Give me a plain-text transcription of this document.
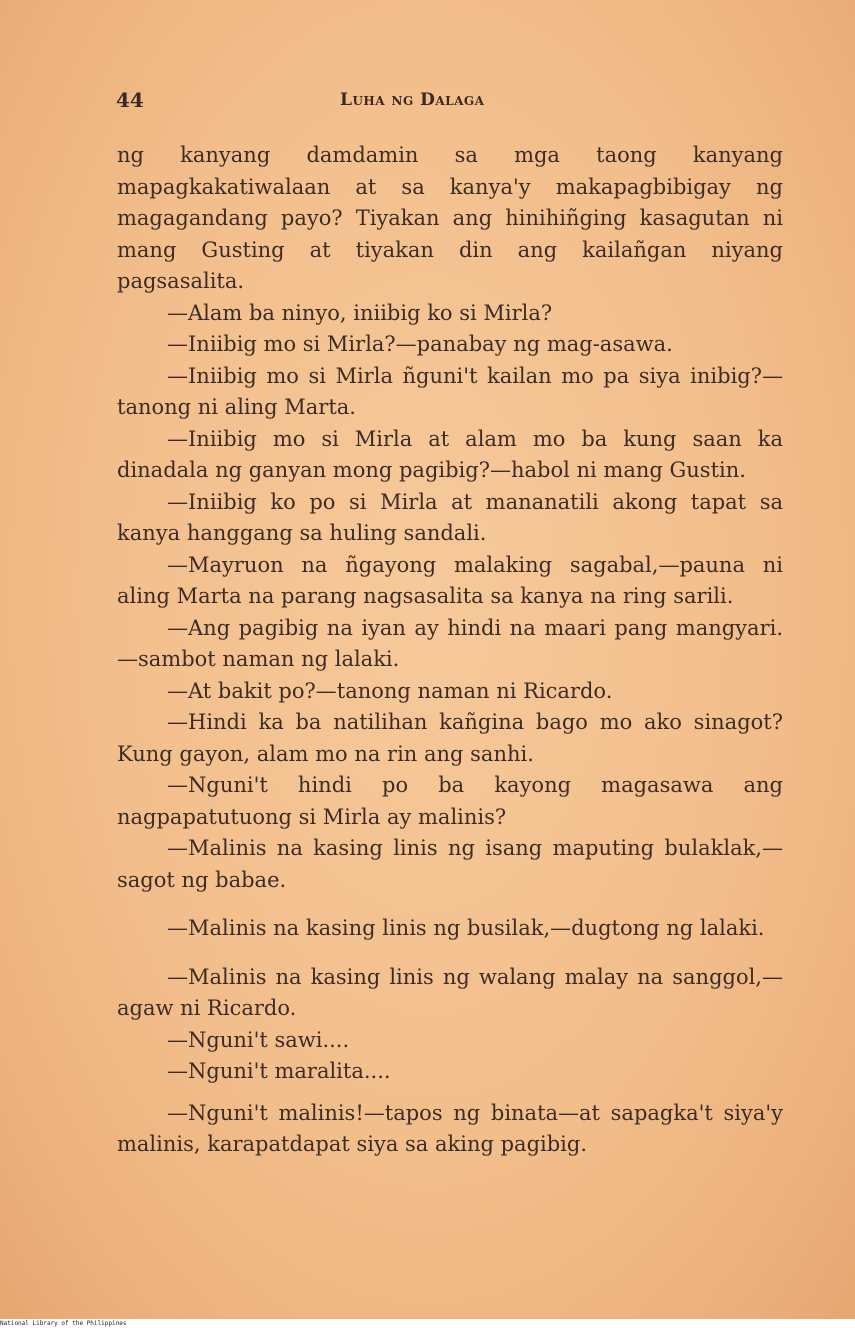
44	Luha ng Dalaga

ng kanyang damdamin sa mga taong kanyang mapagkakatiwalaan at sa kanya'y makapagbibigay ng magagandang payo? Tiyakan ang hinihiñging kasagutan ni mang Gusting at tiyakan din ang kailañgan niyang pagsasalita.

—Alam ba ninyo, iniibig ko si Mirla?

—Iniibig mo si Mirla?—panabay ng mag-asawa.

—Iniibig mo si Mirla ñguni't kailan mo pa siya inibig?—tanong ni aling Marta.

—Iniibig mo si Mirla at alam mo ba kung saan ka dinadala ng ganyan mong pagibig?—habol ni mang Gustin.

—Iniibig ko po si Mirla at mananatili akong tapat sa kanya hanggang sa huling sandali.

—Mayruon na ñgayong malaking sagabal,—pauna ni aling Marta na parang nagsasalita sa kanya na ring sarili.

—Ang pagibig na iyan ay hindi na maari pang mangyari.—sambot naman ng lalaki.

—At bakit po?—tanong naman ni Ricardo.

—Hindi ka ba natilihan kañgina bago mo ako sinagot? Kung gayon, alam mo na rin ang sanhi.

—Nguni't hindi po ba kayong magasawa ang nagpapatutuong si Mirla ay malinis?

—Malinis na kasing linis ng isang maputing bulaklak,—sagot ng babae.

—Malinis na kasing linis ng busilak,—dugtong ng lalaki.

—Malinis na kasing linis ng walang malay na sanggol,—agaw ni Ricardo.

—Nguni't sawi....

—Nguni't maralita....

—Nguni't malinis!—tapos ng binata—at sapagka't siya'y malinis, karapatdapat siya sa aking pagibig.

National Library of the Philippines
